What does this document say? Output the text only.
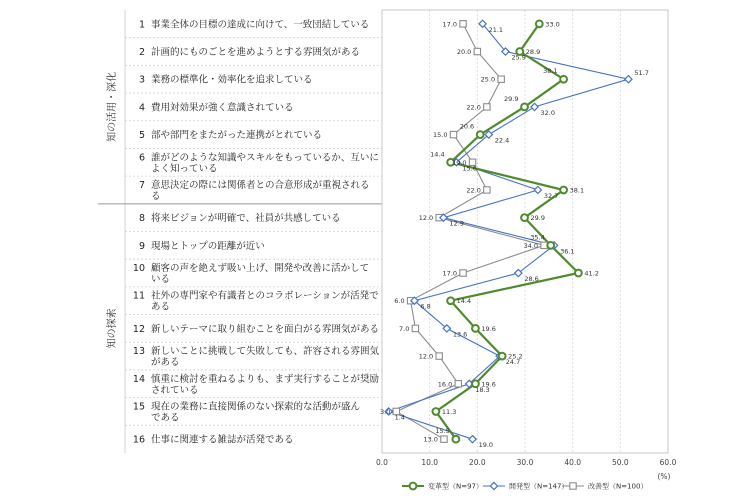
知の活用・深化
知の探索
1 事業全体の目標の達成に向けて、一致団結している
2 計画的にものごとを進めようとする雰囲気がある
3 業務の標準化・効率化を追求している
4 費用対効果が強く意識されている
5 部や部門をまたがった連携がとれている
6 誰がどのような知識やスキルをもっているか、互いに
よく知っている
7 意思決定の際には関係者との合意形成が重視される
る
8 将来ビジョンが明確で、社員が共感している
9 現場とトップの距離が近い
10 顧客の声を絶えず吸い上げ、開発や改善に活かして
いる
11 社外の専門家や有識者とのコラボレーションが活発で
ある
12 新しいテーマに取り組むことを面白がる雰囲気がある
13 新しいことに挑戦して失敗しても、許容される雰囲気
がある
14 慎重に検討を重ねるよりも、まず実行することが奨励
されている
15 現在の業務に直接関係のない探索的な活動が盛ん
である
16 仕事に関連する雑誌が活発である
0.0	10.0	20.0	30.0	40.0	50.0	60.0
(%)
33.0
28.9
38.1
29.9
20.6
14.4
38.1
29.9
35.4
41.2
14.4
19.6
25.2
19.6
11.3
15.5
21.1
25.9
51.7
32.0
22.4
15.6
32.7
12.9
36.1
28.6
6.8
13.6
24.7
18.3
1.4
19.0
17.0
20.0
25.0
22.0
15.0
19.0
22.0
12.0
34.0
17.0
6.0
7.0
12.0
16.0
3.0
13.0
変革型（N=97）	開発型（N=147）	改善型（N=100）
